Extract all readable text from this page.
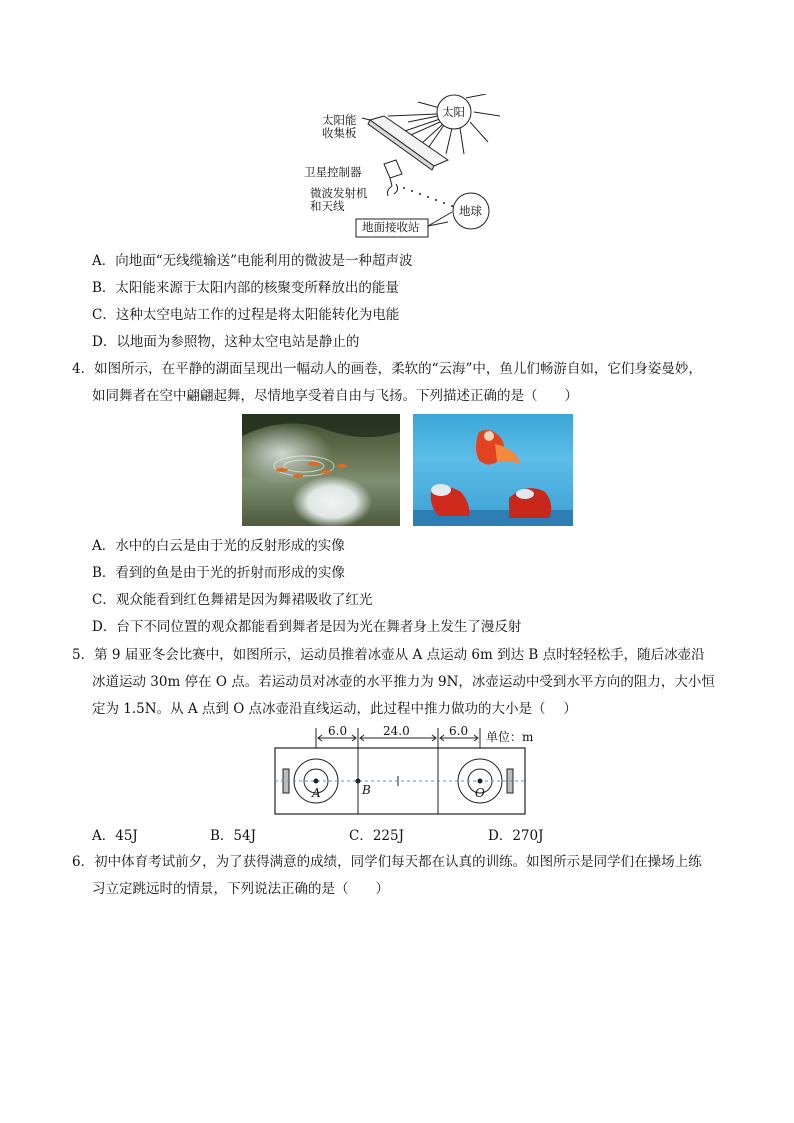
太阳
太阳能
收集板
卫星控制器
微波发射机
和天线	地球
地面接收站
A．向地面“无线缆输送”电能利用的微波是一种超声波
B．太阳能来源于太阳内部的核聚变所释放出的能量
C．这种太空电站工作的过程是将太阳能转化为电能
D．以地面为参照物，这种太空电站是静止的
4．如图所示，在平静的湖面呈现出一幅动人的画卷，柔软的“云海”中，鱼儿们畅游自如，它们身姿曼妙，
如同舞者在空中翩翩起舞，尽情地享受着自由与飞扬。下列描述正确的是（　　）
A．水中的白云是由于光的反射形成的实像
B．看到的鱼是由于光的折射而形成的实像
C．观众能看到红色舞裙是因为舞裙吸收了红光
D．台下不同位置的观众都能看到舞者是因为光在舞者身上发生了漫反射
5．第 9 届亚冬会比赛中，如图所示，运动员推着冰壶从 A 点运动 6m 到达 B 点时轻轻松手，随后冰壶沿
冰道运动 30m 停在 O 点。若运动员对冰壶的水平推力为 9N，冰壶运动中受到水平方向的阻力，大小恒
定为 1.5N。从 A 点到 O 点冰壶沿直线运动，此过程中推力做功的大小是（　 ）
6.0	24.0	6.0 单位：m
A	B	O
A．45J	B．54J	C．225J	D．270J
6．初中体育考试前夕，为了获得满意的成绩，同学们每天都在认真的训练。如图所示是同学们在操场上练
习立定跳远时的情景，下列说法正确的是（　　）
